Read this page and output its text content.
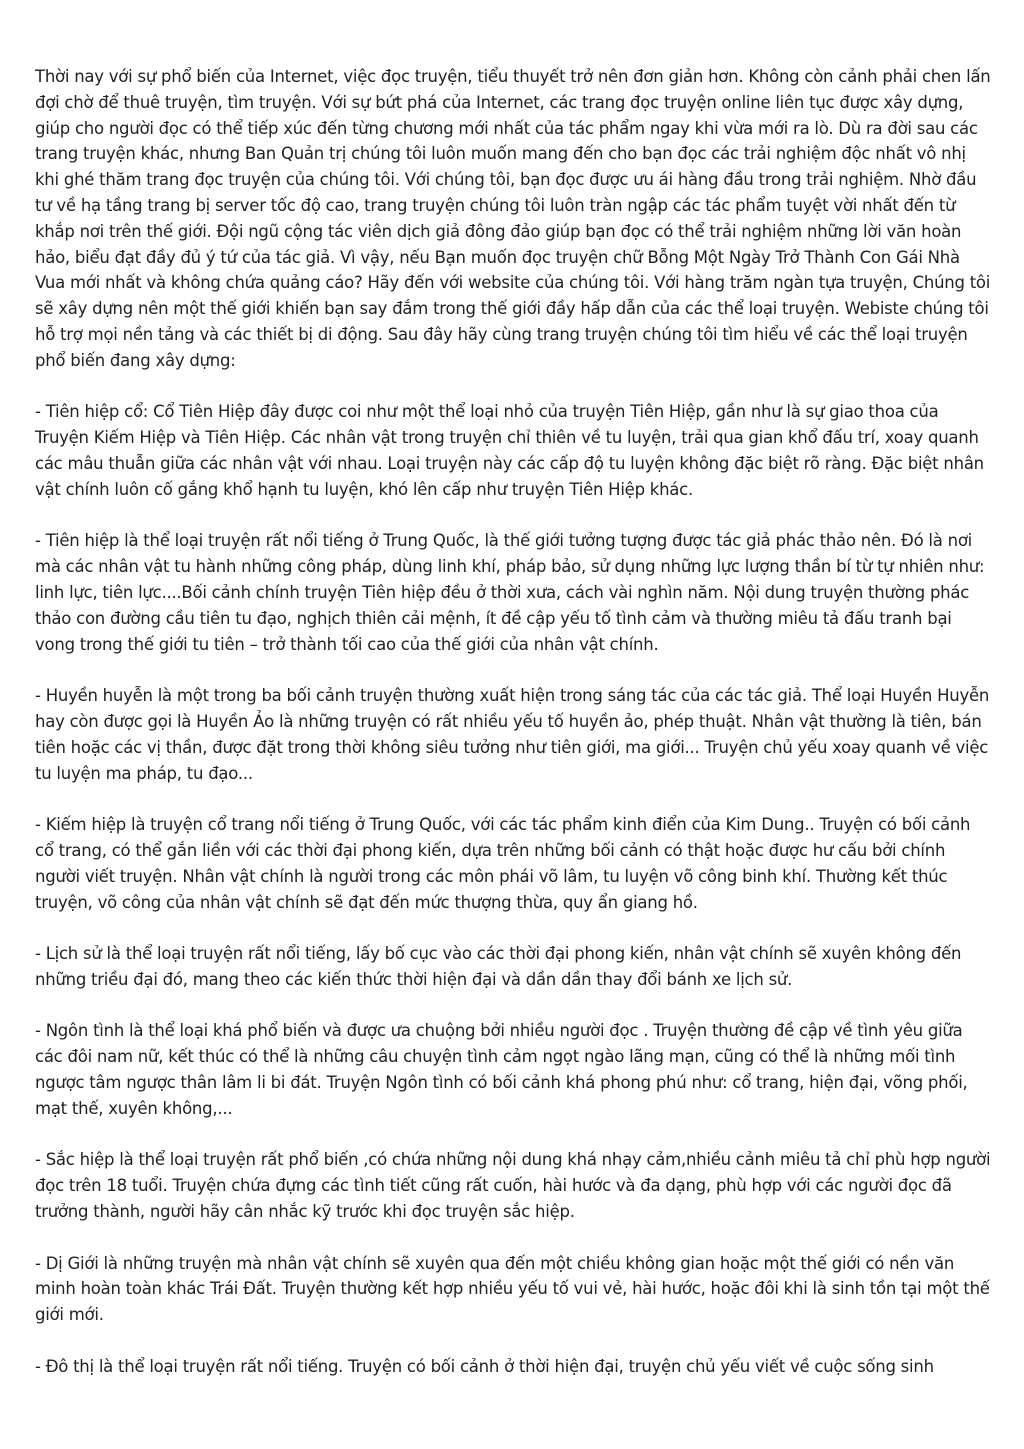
Thời nay với sự phổ biến của Internet, việc đọc truyện, tiểu thuyết trở nên đơn giản hơn. Không còn cảnh phải chen lấn đợi chờ để thuê truyện, tìm truyện. Với sự bứt phá của Internet, các trang đọc truyện online liên tục được xây dựng, giúp cho người đọc có thể tiếp xúc đến từng chương mới nhất của tác phẩm ngay khi vừa mới ra lò. Dù ra đời sau các trang truyện khác, nhưng Ban Quản trị chúng tôi luôn muốn mang đến cho bạn đọc các trải nghiệm độc nhất vô nhị khi ghé thăm trang đọc truyện của chúng tôi. Với chúng tôi, bạn đọc được ưu ái hàng đầu trong trải nghiệm. Nhờ đầu tư về hạ tầng trang bị server tốc độ cao, trang truyện chúng tôi luôn tràn ngập các tác phẩm tuyệt vời nhất đến từ khắp nơi trên thế giới. Đội ngũ cộng tác viên dịch giả đông đảo giúp bạn đọc có thể trải nghiệm những lời văn hoàn hảo, biểu đạt đầy đủ ý tứ của tác giả. Vì vậy, nếu Bạn muốn đọc truyện chữ Bỗng Một Ngày Trở Thành Con Gái Nhà Vua mới nhất và không chứa quảng cáo? Hãy đến với website của chúng tôi. Với hàng trăm ngàn tựa truyện, Chúng tôi sẽ xây dựng nên một thế giới khiến bạn say đắm trong thế giới đầy hấp dẫn của các thể loại truyện. Webiste chúng tôi hỗ trợ mọi nền tảng và các thiết bị di động. Sau đây hãy cùng trang truyện chúng tôi tìm hiểu về các thể loại truyện phổ biến đang xây dựng:

- Tiên hiệp cổ: Cổ Tiên Hiệp đây được coi như một thể loại nhỏ của truyện Tiên Hiệp, gần như là sự giao thoa của Truyện Kiếm Hiệp và Tiên Hiệp. Các nhân vật trong truyện chỉ thiên về tu luyện, trải qua gian khổ đấu trí, xoay quanh các mâu thuẫn giữa các nhân vật với nhau. Loại truyện này các cấp độ tu luyện không đặc biệt rõ ràng. Đặc biệt nhân vật chính luôn cố gắng khổ hạnh tu luyện, khó lên cấp như truyện Tiên Hiệp khác.

- Tiên hiệp là thể loại truyện rất nổi tiếng ở Trung Quốc, là thế giới tưởng tượng được tác giả phác thảo nên. Đó là nơi mà các nhân vật tu hành những công pháp, dùng linh khí, pháp bảo, sử dụng những lực lượng thần bí từ tự nhiên như: linh lực, tiên lực....Bối cảnh chính truyện Tiên hiệp đều ở thời xưa, cách vài nghìn năm. Nội dung truyện thường phác thảo con đường cầu tiên tu đạo, nghịch thiên cải mệnh, ít đề cập yếu tố tình cảm và thường miêu tả đấu tranh bại vong trong thế giới tu tiên – trở thành tối cao của thế giới của nhân vật chính.

- Huyền huyễn là một trong ba bối cảnh truyện thường xuất hiện trong sáng tác của các tác giả. Thể loại Huyền Huyễn hay còn được gọi là Huyền Ảo là những truyện có rất nhiều yếu tố huyền ảo, phép thuật. Nhân vật thường là tiên, bán tiên hoặc các vị thần, được đặt trong thời không siêu tưởng như tiên giới, ma giới... Truyện chủ yếu xoay quanh về việc tu luyện ma pháp, tu đạo...

- Kiếm hiệp là truyện cổ trang nổi tiếng ở Trung Quốc, với các tác phẩm kinh điển của Kim Dung.. Truyện có bối cảnh cổ trang, có thể gắn liền với các thời đại phong kiến, dựa trên những bối cảnh có thật hoặc được hư cấu bởi chính người viết truyện. Nhân vật chính là người trong các môn phái võ lâm, tu luyện võ công binh khí. Thường kết thúc truyện, võ công của nhân vật chính sẽ đạt đến mức thượng thừa, quy ẩn giang hồ.

- Lịch sử là thể loại truyện rất nổi tiếng, lấy bố cục vào các thời đại phong kiến, nhân vật chính sẽ xuyên không đến những triều đại đó, mang theo các kiến thức thời hiện đại và dần dần thay đổi bánh xe lịch sử.

- Ngôn tình là thể loại khá phổ biến và được ưa chuộng bởi nhiều người đọc . Truyện thường đề cập về tình yêu giữa các đôi nam nữ, kết thúc có thể là những câu chuyện tình cảm ngọt ngào lãng mạn, cũng có thể là những mối tình ngược tâm ngược thân lâm li bi đát. Truyện Ngôn tình có bối cảnh khá phong phú như: cổ trang, hiện đại, võng phối, mạt thế, xuyên không,...

- Sắc hiệp là thể loại truyện rất phổ biến ,có chứa những nội dung khá nhạy cảm,nhiều cảnh miêu tả chỉ phù hợp người đọc trên 18 tuổi. Truyện chứa đựng các tình tiết cũng rất cuốn, hài hước và đa dạng, phù hợp với các người đọc đã trưởng thành, người hãy cân nhắc kỹ trước khi đọc truyện sắc hiệp.

- Dị Giới là những truyện mà nhân vật chính sẽ xuyên qua đến một chiều không gian hoặc một thế giới có nền văn minh hoàn toàn khác Trái Đất. Truyện thường kết hợp nhiều yếu tố vui vẻ, hài hước, hoặc đôi khi là sinh tồn tại một thế giới mới.

- Đô thị là thể loại truyện rất nổi tiếng. Truyện có bối cảnh ở thời hiện đại, truyện chủ yếu viết về cuộc sống sinh
